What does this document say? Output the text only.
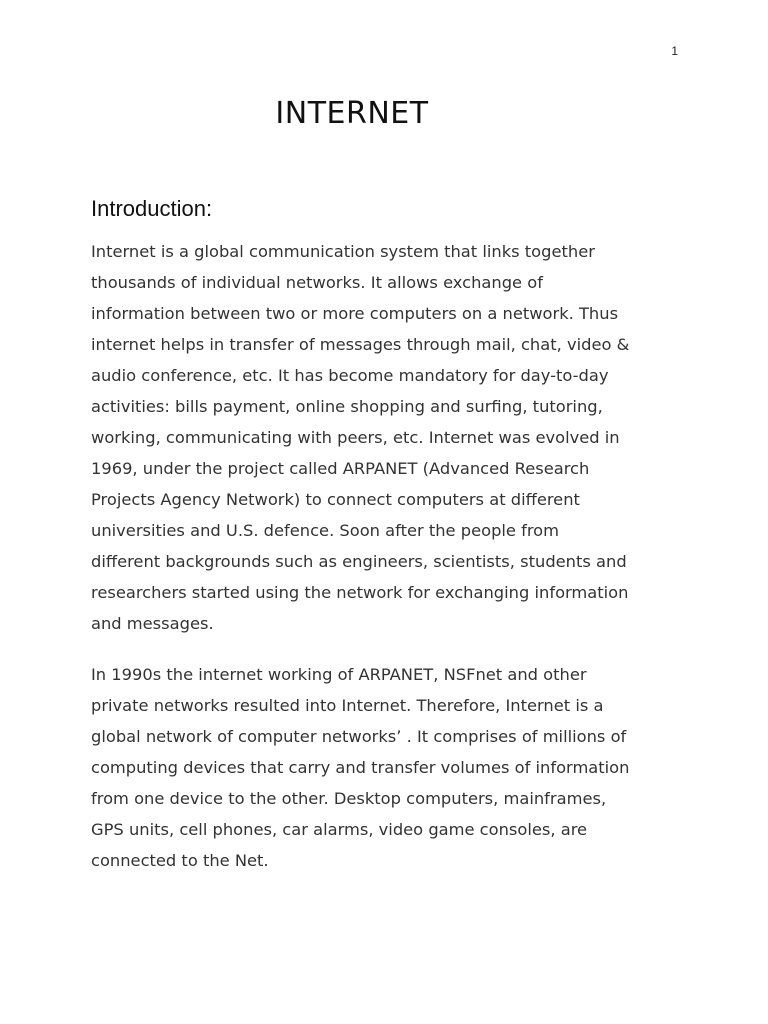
1
INTERNET
Introduction:

Internet is a global communication system that links together
thousands of individual networks. It allows exchange of
information between two or more computers on a network. Thus
internet helps in transfer of messages through mail, chat, video &
audio conference, etc. It has become mandatory for day-to-day
activities: bills payment, online shopping and surfing, tutoring,
working, communicating with peers, etc. Internet was evolved in
1969, under the project called ARPANET (Advanced Research
Projects Agency Network) to connect computers at different
universities and U.S. defence. Soon after the people from
different backgrounds such as engineers, scientists, students and
researchers started using the network for exchanging information
and messages.

In 1990s the internet working of ARPANET, NSFnet and other
private networks resulted into Internet. Therefore, Internet is a
global network of computer networks’ . It comprises of millions of
computing devices that carry and transfer volumes of information
from one device to the other. Desktop computers, mainframes,
GPS units, cell phones, car alarms, video game consoles, are
connected to the Net.
